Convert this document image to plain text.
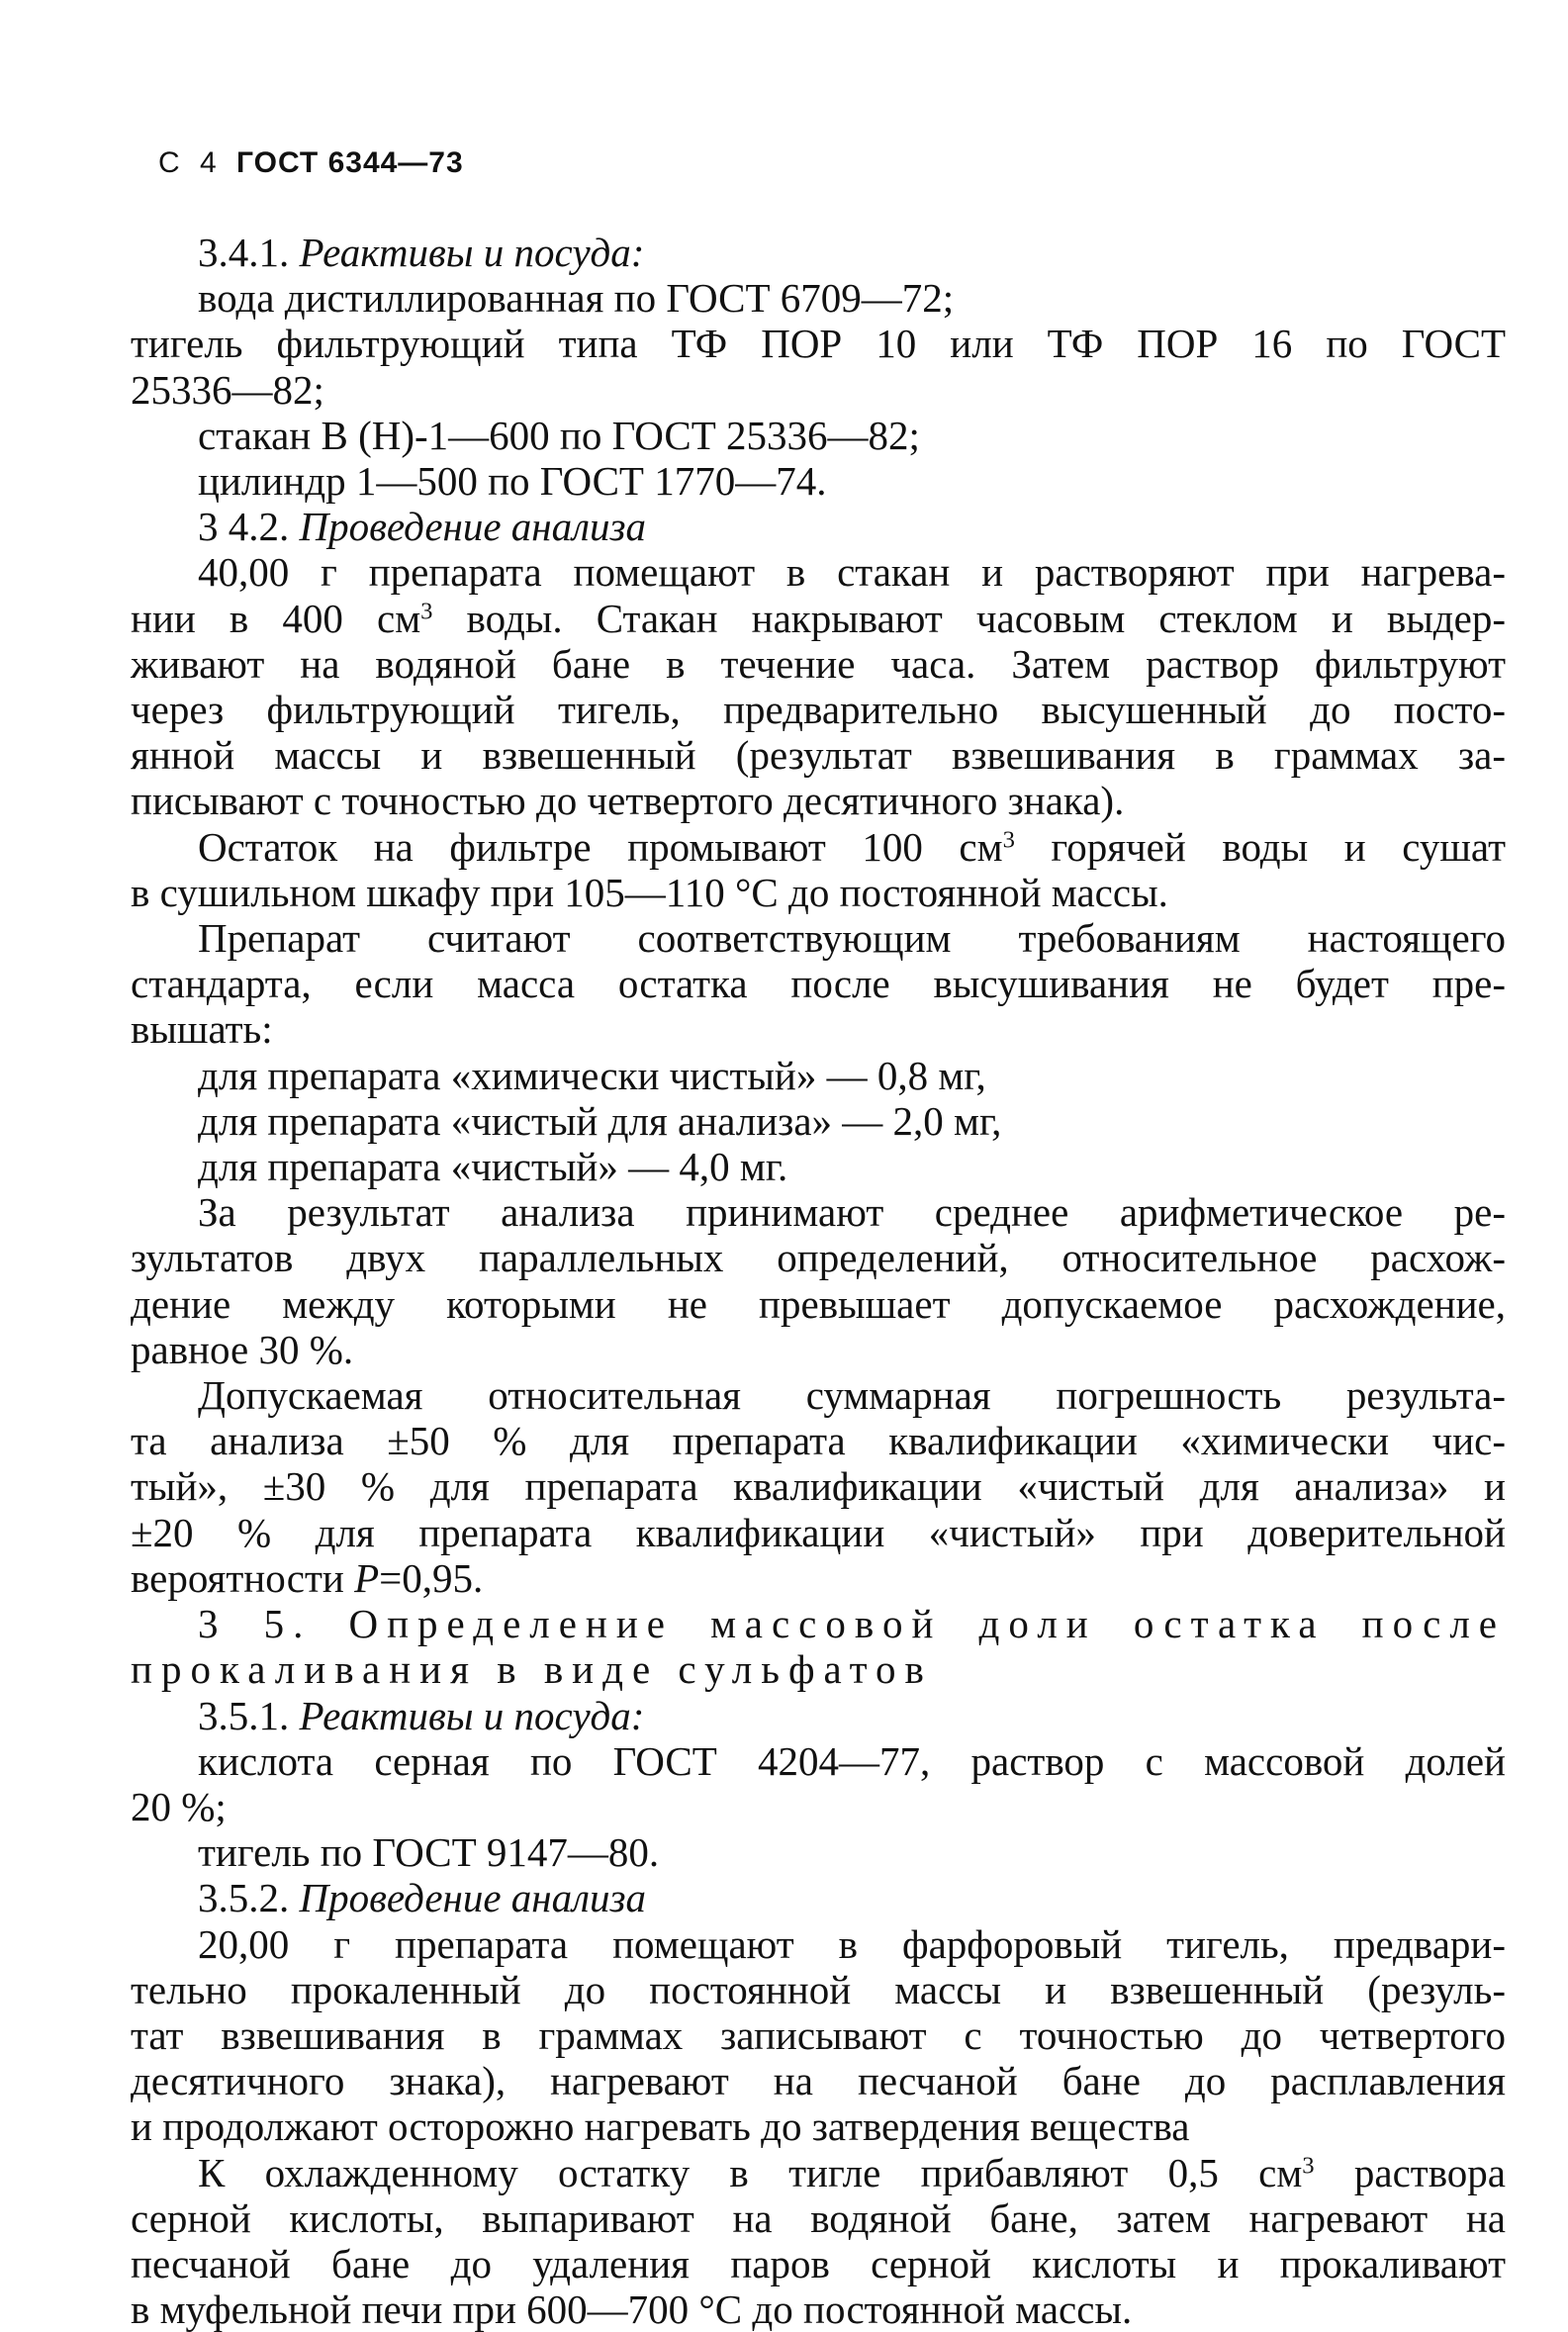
С 4 ГОСТ 6344—73
3.4.1. Реактивы и посуда:
вода дистиллированная по ГОСТ 6709—72;
тигель фильтрующий типа ТФ ПОР 10 или ТФ ПОР 16 по ГОСТ
25336—82;
стакан В (Н)-1—600 по ГОСТ 25336—82;
цилиндр 1—500 по ГОСТ 1770—74.
3 4.2. Проведение анализа
40,00 г препарата помещают в стакан и растворяют при нагрева-
нии в 400 $см^3$ воды. Стакан накрывают часовым стеклом и выдер-
живают на водяной бане в течение часа. Затем раствор фильтруют
через фильтрующий тигель, предварительно высушенный до посто-
янной массы и взвешенный (результат взвешивания в граммах за-
писывают с точностью до четвертого десятичного знака).
Остаток на фильтре промывают 100 $см^3$ горячей воды и сушат
в сушильном шкафу при 105—110 °С до постоянной массы.
Препарат считают соответствующим требованиям настоящего
стандарта, если масса остатка после высушивания не будет пре-
вышать:
для препарата «химически чистый» — 0,8 мг,
для препарата «чистый для анализа» — 2,0 мг,
для препарата «чистый» — 4,0 мг.
За результат анализа принимают среднее арифметическое ре-
зультатов двух параллельных определений, относительное расхож-
дение между которыми не превышает допускаемое расхождение,
равное 30 %.
Допускаемая относительная суммарная погрешность результа-
та анализа ±50 % для препарата квалификации «химически чис-
тый», ±30 % для препарата квалификации «чистый для анализа» и
±20 % для препарата квалификации «чистый» при доверительной
вероятности P=0,95.
3 5. Определение массовой доли остатка после
прокаливания в виде сульфатов
3.5.1. Реактивы и посуда:
кислота серная по ГОСТ 4204—77, раствор с массовой долей
20 %;
тигель по ГОСТ 9147—80.
3.5.2. Проведение анализа
20,00 г препарата помещают в фарфоровый тигель, предвари-
тельно прокаленный до постоянной массы и взвешенный (резуль-
тат взвешивания в граммах записывают с точностью до четвертого
десятичного знака), нагревают на песчаной бане до расплавления
и продолжают осторожно нагревать до затвердения вещества
К охлажденному остатку в тигле прибавляют 0,5 $см^3$ раствора
серной кислоты, выпаривают на водяной бане, затем нагревают на
песчаной бане до удаления паров серной кислоты и прокаливают
в муфельной печи при 600—700 °С до постоянной массы.
